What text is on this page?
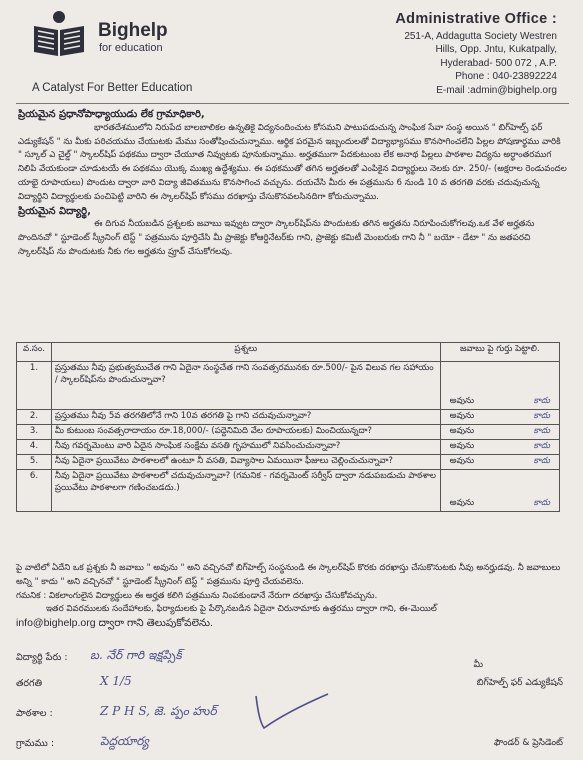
Bighelp
for education
A Catalyst For Better Education
Administrative Office :
251-A, Addagutta Society Westren
Hills, Opp. Jntu, Kukatpally,
Hyderabad- 500 072 , A.P.
Phone : 040-23892224
E-mail :admin@bighelp.org

ప్రియమైన ప్రధానోపాధ్యాయుడు లేక గ్రామాధికారి,

భారతదేశములోని నిరుపేద బాలబాలికల ఉన్నతికై విద్యనందించుట కోసమని పాటుపడుచున్న సాంఘిక సేవా సంస్థ అయిన " బిగ్‌హెల్ప్ ఫర్ ఎడ్యుకేషన్ " ను మీకు పరిచయము చేయుటకు మేము సంతోషించుచున్నాము. ఆర్థిక పరమైన ఇబ్బందులతో విద్యాభ్యాసము కొనసాగించలేని పిల్లల పోషణార్థము వారికి " స్కూల్ ఎ చైల్డ్ " స్కాలర్‌షిప్ పథకము ద్వారా చేయూత నివ్వుటకు పూనుకున్నాము. అర్హతముగా పేదకుటుంబ లేక అనాథ పిల్లలు పాఠశాల విద్యను అర్ధాంతరముగ నిలిపి వేయకుండా చూడుటయే ఈ పథకము యొక్క ముఖ్య ఉద్దేశ్యము. ఈ పథకముతో తగిన అర్హతలతో ఎంపికైన విద్యార్థులు నెలకు రూ. 250/- (అక్షరాల రెండువందల యాభై రూపాయలు) పొందుట ద్వారా వారి విద్యా జీవితమును కొనసాగించ వచ్చును. దయచేసి మీరు ఈ పత్రమును 6 నుండి 10 వ తరగతి వరకు చదువుచున్న విద్యార్థిని విద్యార్థులకు పంచిపెట్టి వారిని ఈ స్కాలర్‌షిప్ కోసము దరఖాస్తు చేసుకొనవలసినదిగా కోరుచున్నాము.

ప్రియమైన విద్యార్థి,

ఈ దిగువ నీయబడిన ప్రశ్నలకు జవాబు ఇవ్వుట ద్వారా స్కాలర్‌షిప్‌ను పొందుటకు తగిన అర్హతను నిరూపించుకోగలవు.ఒక వేళ అర్హతను పొందినచో " స్టూడెంట్ స్క్రీనింగ్ టెస్ట్ " పత్రమును పూర్తిచేసి మీ ప్రాజెక్టు కోఆర్డినేటర్‌కు గాని, ప్రాజెక్టు కమిటీ మెంబరుకు గాని నీ " బయో - డేటా " ను జతపరచి స్కాలర్‌షిప్ ను పొందుటకు నీకు గల అర్హతను ప్రూవ్ చేసుకోగలవు.

వ.సం.	ప్రశ్నలు	జవాబు పై గుర్తు పెట్టాలి.
1.	ప్రస్తుతము నీవు ప్రభుత్వముచేత గాని ఏదైనా సంస్థచేత గాని సంవత్సరమునకు రూ.500/- పైన విలువ గల సహాయం / స్కాలర్‌షిప్‌ను పొందుచున్నావా?	అవును కాదు

2.	ప్రస్తుతము నీవు 5వ తరగతిలోనే గాని 10వ తరగతి పై గాని చదువుచున్నావా?	అవును కాదు

3.	మీ కుటుంబ సంవత్సరాదాయం రూ.18,000/- (పద్దెనిమిది వేల రూపాయలకు) మించియున్నదా?	అవును కాదు

4.	నీవు గవర్నమెంటు వారి ఏదైన సాంఘిక సంక్షేమ వసతి గృహములో నివసించుచున్నావా?	అవును కాదు

5.	నీవు ఏదైనా ప్రయివేటు పాఠశాలలో ఉంటూ నీ వసతి, వివ్యాసాల ఏమయినా ఫీజులు చెల్లించుచున్నావా?	అవును కాదు

6.	నీవు ఏదైనా ప్రయివేటు పాఠశాలలో చదువుచున్నావా? (గమనిక - గవర్నమెంట్ సర్వీస్ ద్వారా నడుపబడుచు పాఠశాల ప్రయివేటు పాఠశాలగా గణించబడదు.)	అవును కాదు

పై వాటిలో ఏదేని ఒక ప్రశ్నకు నీ జవాబు " అవును " అని వచ్చినచో బిగ్‌హెల్ప్ సంస్థనుండి ఈ స్కాలర్‌షిప్ కొరకు దరఖాస్తు చేసుకొనుటకు నీవు అనర్హుడవు. నీ జవాబులు అన్ని " కాదు " అని వచ్చినచో " స్టూడెంట్ స్క్రీనింగ్ టెస్ట్ " పత్రమును పూర్తి చేయవలెను.

గమనిక : వికలాంగులైన విద్యార్థులు ఈ అర్హత కలిగి పత్రమును నింపకుండానే నేరుగా దరఖాస్తు చేసుకోవచ్చును.

ఇతర వివరములకు సందేహాలకు, ఫిర్యాదులకు పై పేర్కొనబడిన ఏదైనా చిరునామాకు ఉత్తరము ద్వారా గాని, ఈ-మెయిల్

info@bighelp.org ద్వారా గాని తెలుపుకోవలెను.

విద్యార్థి పేరు : బ. నేర్ గారి ఇక్షప్సిక్
తరగతి	X 1/5
పాఠశాల :	Z P H S, జె. ప్పం హుర్
గ్రామము :	పెద్దయార్య
మీ
బిగ్‌హెల్ప్ ఫర్ ఎడ్యుకేషన్
ఫౌండర్ & ప్రెసిడెంట్
